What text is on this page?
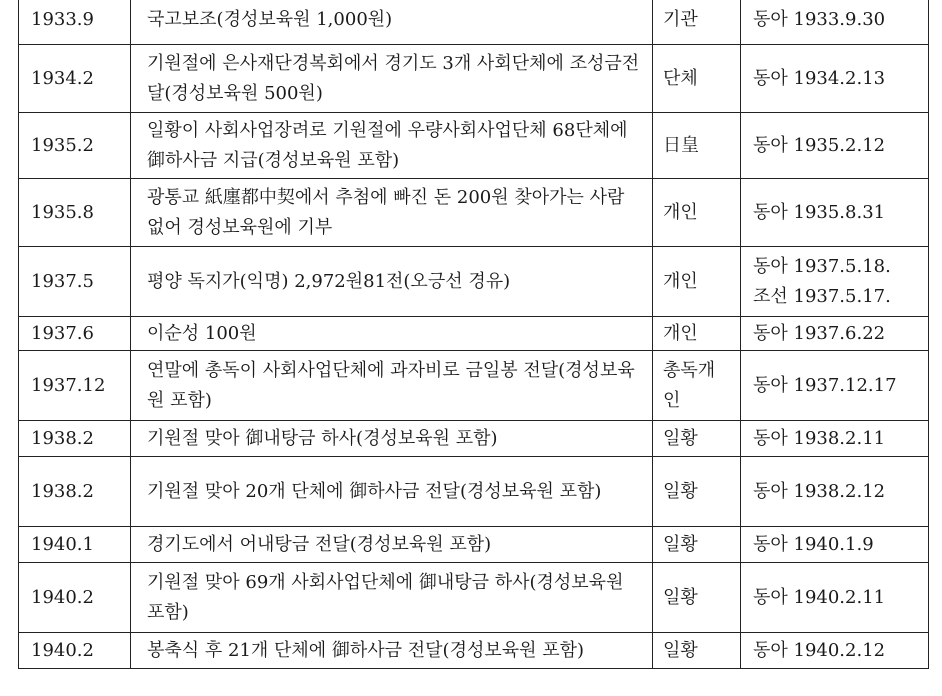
1933.9	국고보조(경성보육원 1,000원)	기관	동아 1933.9.30

1934.2	기원절에 은사재단경복회에서 경기도 3개 사회단체에 조성금전달(경성보육원 500원)	단체	동아 1934.2.13

1935.2	일황이 사회사업장려로 기원절에 우량사회사업단체 68단체에 御하사금 지급(경성보육원 포함)	日皇	동아 1935.2.12

1935.8	광통교 紙廛都中契에서 추첨에 빠진 돈 200원 찾아가는 사람 없어 경성보육원에 기부	개인	동아 1935.8.31

1937.5	평양 독지가(익명) 2,972원81전(오긍선 경유)	개인	동아 1937.5.18.
조선 1937.5.17.

1937.6	이순성 100원	개인	동아 1937.6.22

1937.12	연말에 총독이 사회사업단체에 과자비로 금일봉 전달(경성보육원 포함)	총독개인	동아 1937.12.17

1938.2	기원절 맞아 御내탕금 하사(경성보육원 포함)	일황	동아 1938.2.11

1938.2	기원절 맞아 20개 단체에 御하사금 전달(경성보육원 포함)	일황	동아 1938.2.12

1940.1	경기도에서 어내탕금 전달(경성보육원 포함)	일황	동아 1940.1.9

1940.2	기원절 맞아 69개 사회사업단체에 御내탕금 하사(경성보육원 포함)	일황	동아 1940.2.11

1940.2	봉축식 후 21개 단체에 御하사금 전달(경성보육원 포함)	일황	동아 1940.2.12
